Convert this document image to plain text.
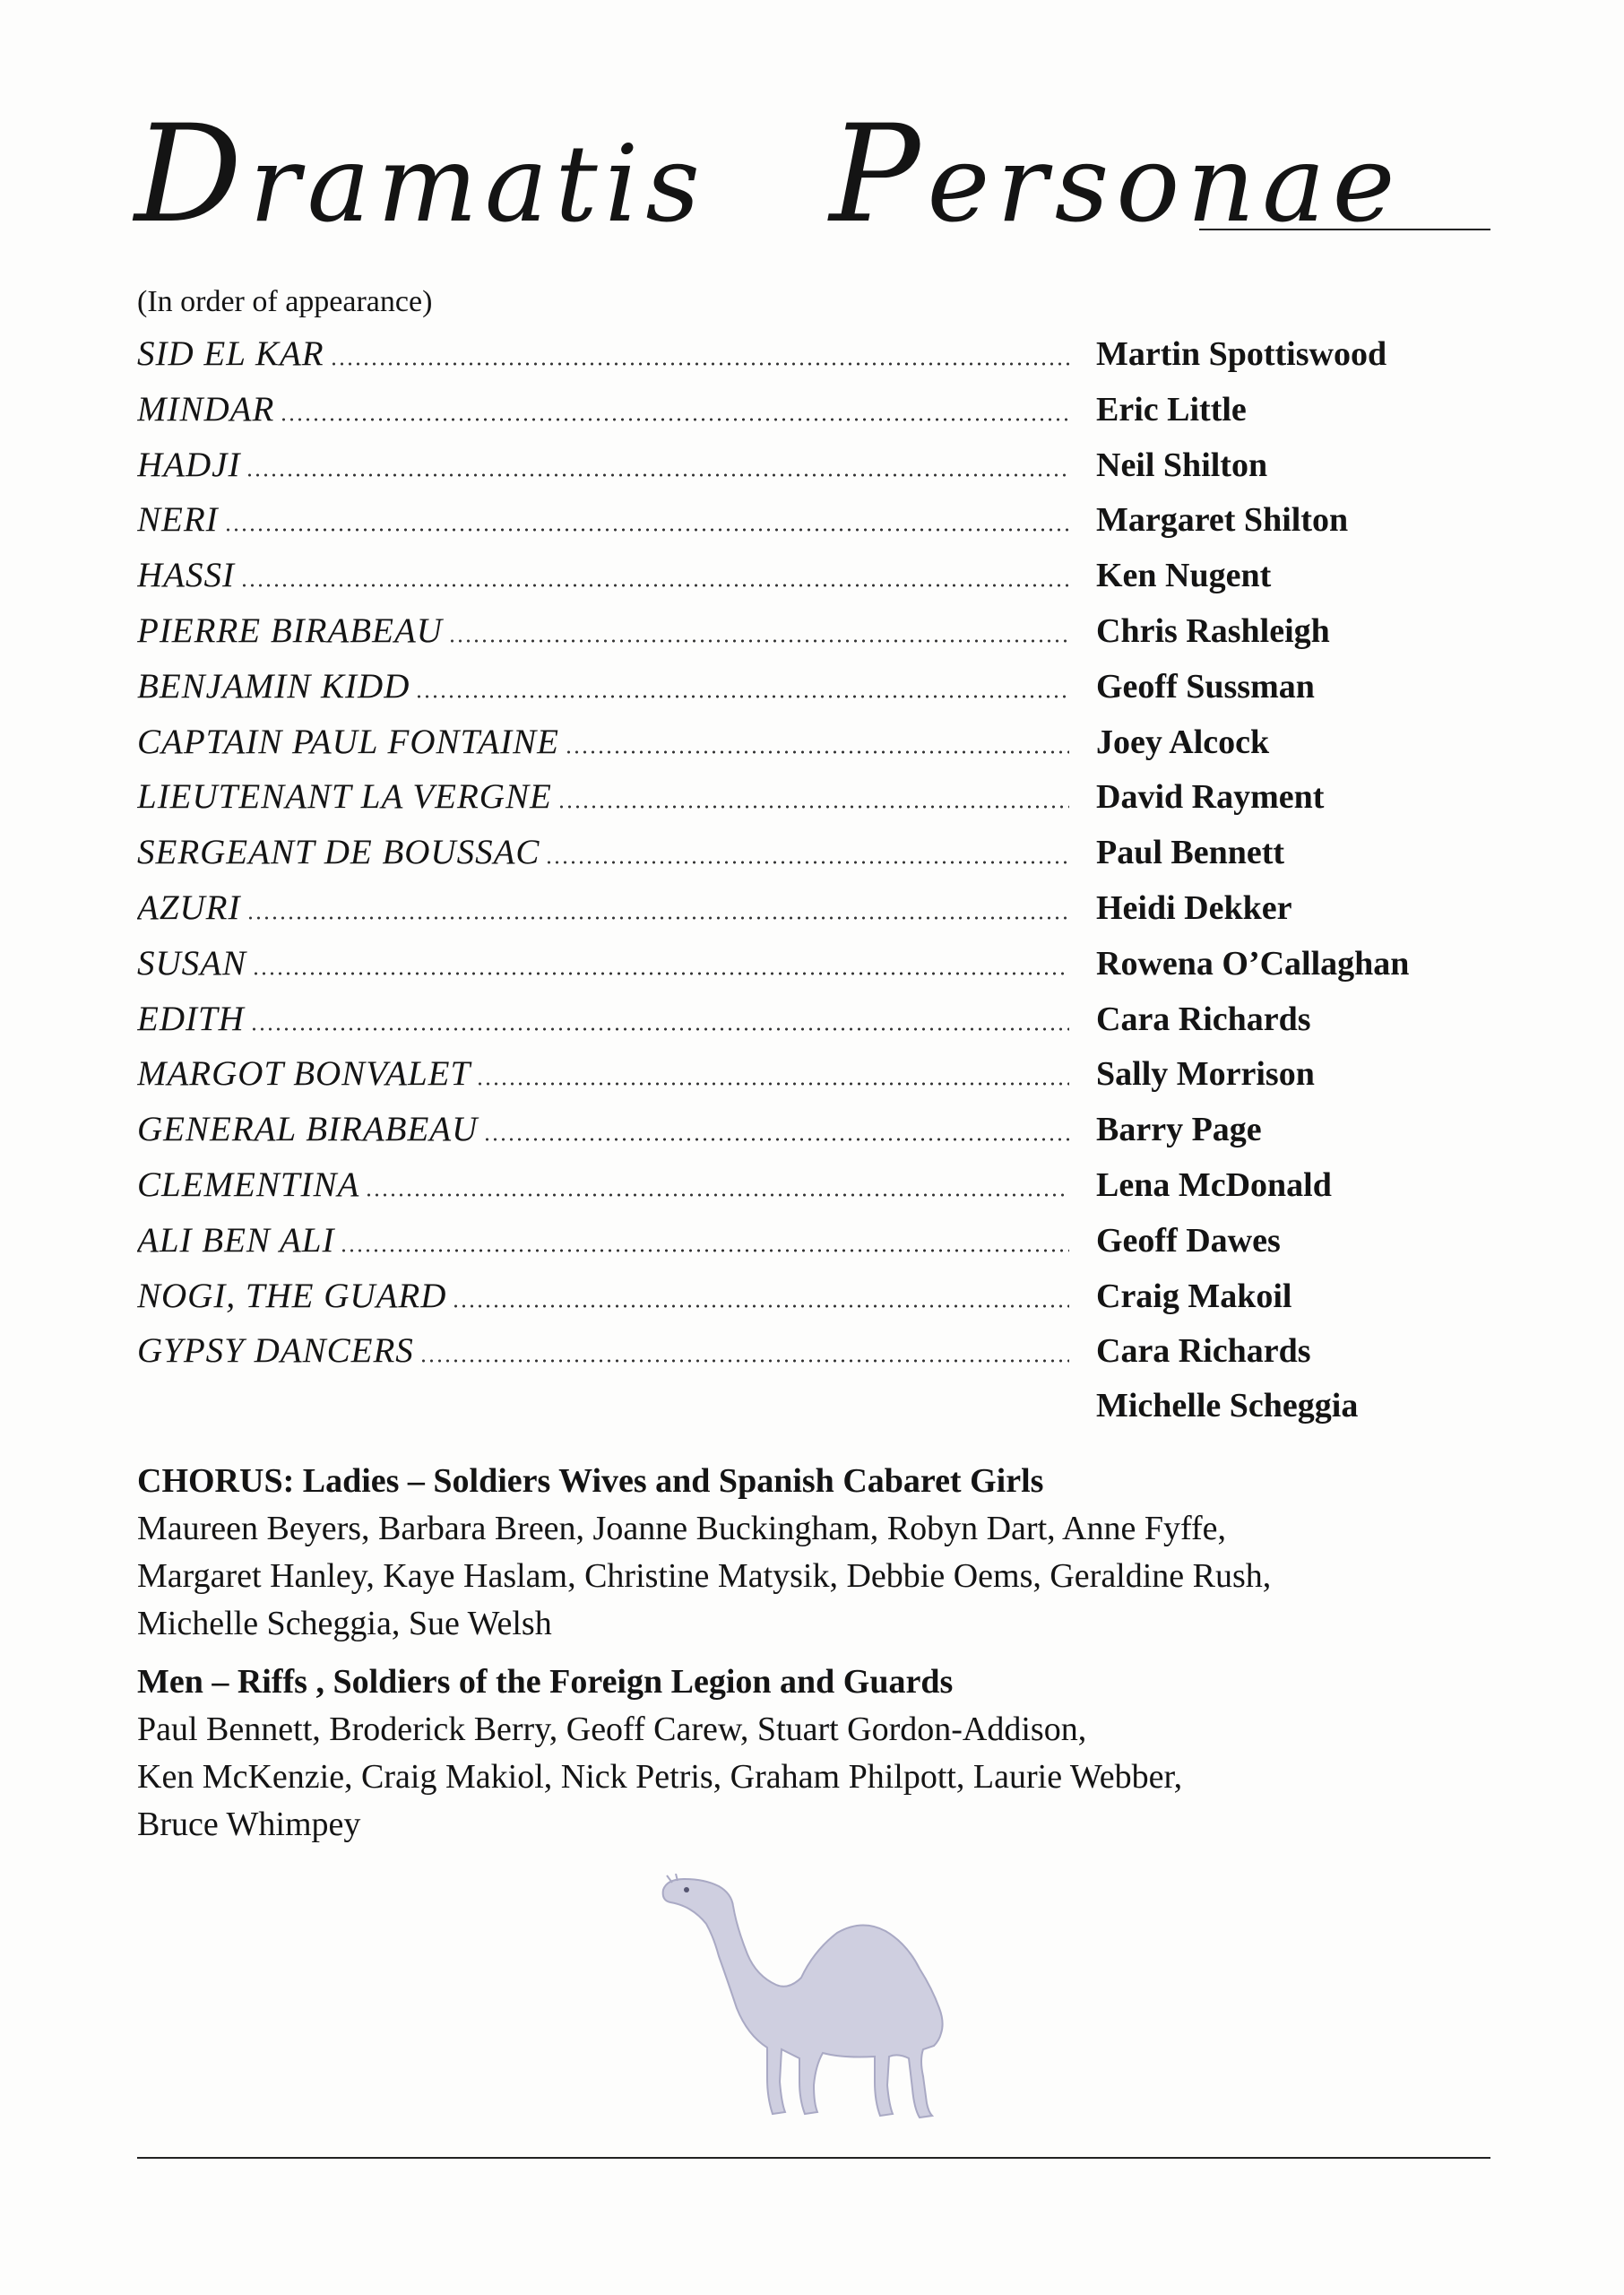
Dramatis Personae
(In order of appearance)
SID EL KAR	Martin Spottiswood
MINDAR	Eric Little
HADJI	Neil Shilton
NERI	Margaret Shilton
HASSI	Ken Nugent
PIERRE BIRABEAU	Chris Rashleigh
BENJAMIN KIDD	Geoff Sussman
CAPTAIN PAUL FONTAINE	Joey Alcock
LIEUTENANT LA VERGNE	David Rayment
SERGEANT DE BOUSSAC	Paul Bennett
AZURI	Heidi Dekker
SUSAN	Rowena O’Callaghan
EDITH	Cara Richards
MARGOT BONVALET	Sally Morrison
GENERAL BIRABEAU	Barry Page
CLEMENTINA	Lena McDonald
ALI BEN ALI	Geoff Dawes
NOGI, THE GUARD	Craig Makoil
GYPSY DANCERS	Cara Richards
Michelle Scheggia
CHORUS: Ladies – Soldiers Wives and Spanish Cabaret Girls
Maureen Beyers, Barbara Breen, Joanne Buckingham, Robyn Dart, Anne Fyffe,
Margaret Hanley, Kaye Haslam, Christine Matysik, Debbie Oems, Geraldine Rush,
Michelle Scheggia, Sue Welsh
Men – Riffs , Soldiers of the Foreign Legion and Guards
Paul Bennett, Broderick Berry, Geoff Carew, Stuart Gordon-Addison,
Ken McKenzie, Craig Makiol, Nick Petris, Graham Philpott, Laurie Webber,
Bruce Whimpey
